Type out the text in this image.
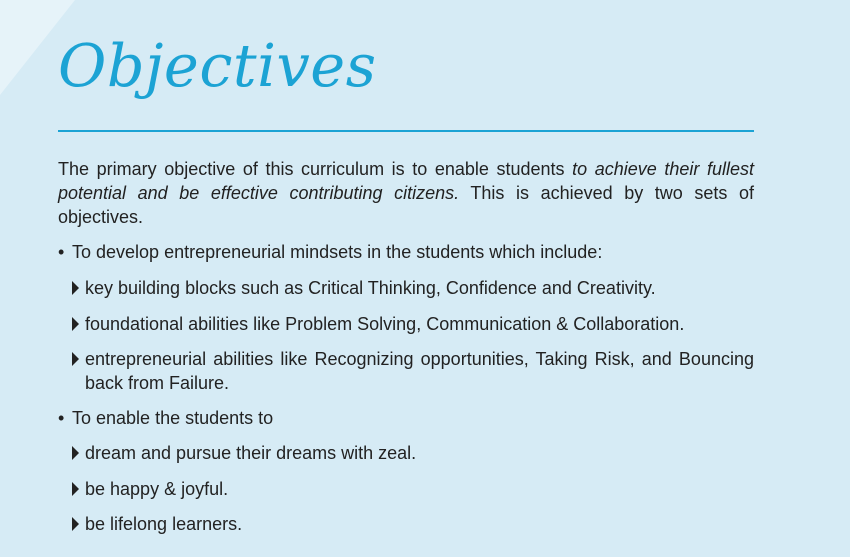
Objectives

The primary objective of this curriculum is to enable students to achieve their fullest potential and be effective contributing citizens. This is achieved by two sets of objectives.

• To develop entrepreneurial mindsets in the students which include:
key building blocks such as Critical Thinking, Confidence and Creativity.
foundational abilities like Problem Solving, Communication & Collaboration.
entrepreneurial abilities like Recognizing opportunities, Taking Risk, and Bouncing back from Failure.
• To enable the students to
dream and pursue their dreams with zeal.
be happy & joyful.
be lifelong learners.
